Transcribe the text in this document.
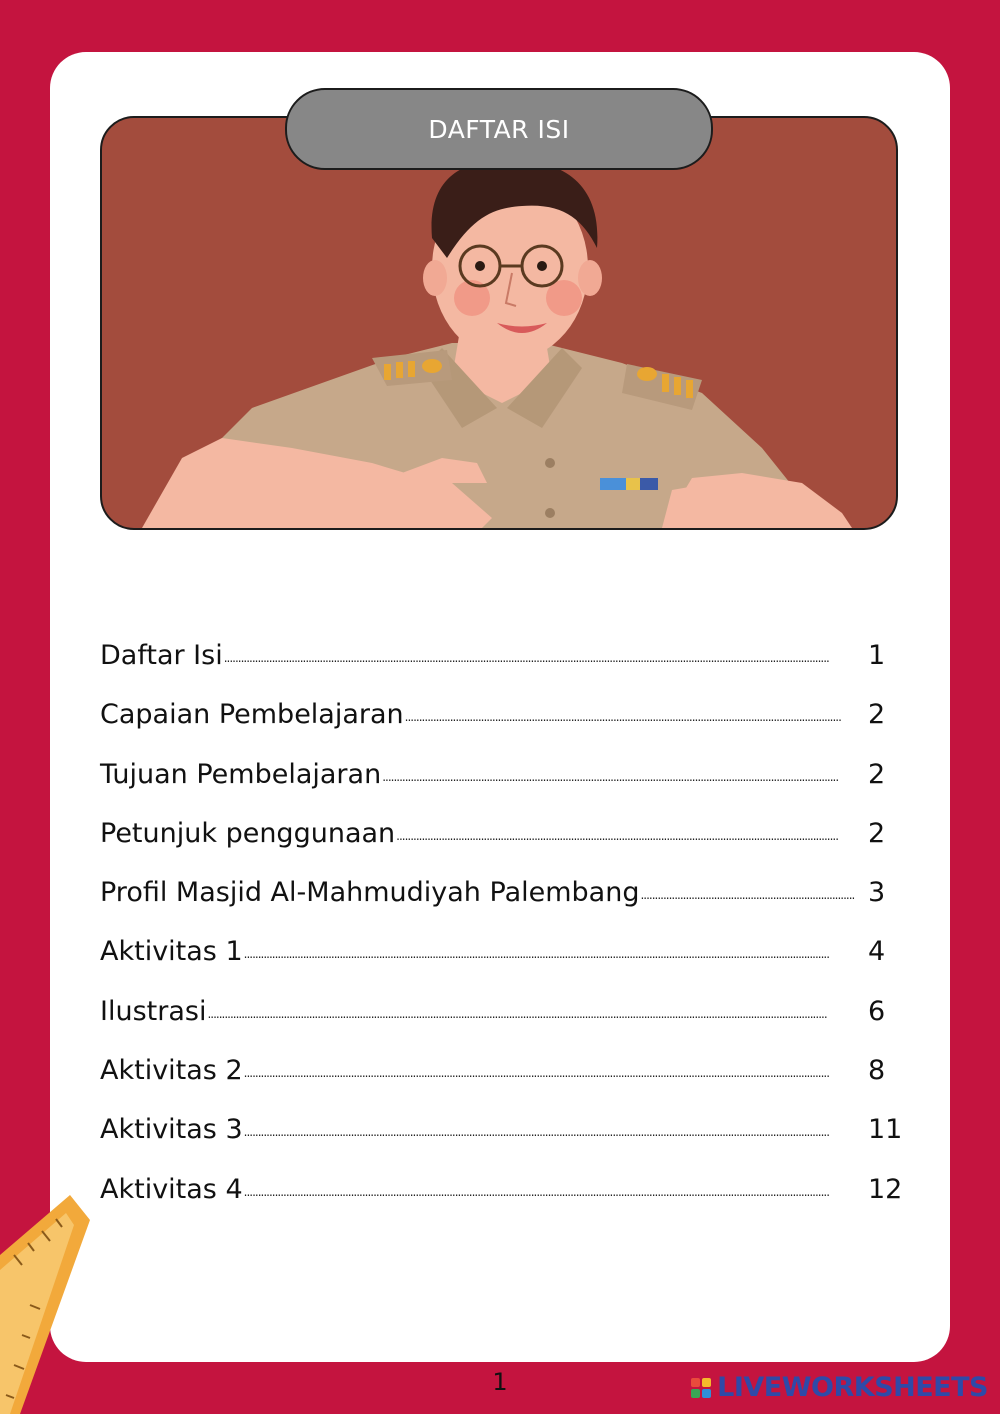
DAFTAR ISI
Daftar Isi .......................................................................................................................................................................................................................	1
Capaian Pembelajaran ...........................................................................................................................................................	2
Tujuan Pembelajaran ..................................................................................................................................................................	2
Petunjuk penggunaan .............................................................................................................................................................	2
Profil Masjid Al-Mahmudiyah Palembang ............................................................................ 3
Aktivitas 1 ................................................................................................................................................................................................................	4
Ilustrasi ............................................................................................................................................................................................................................	6
Aktivitas 2 ................................................................................................................................................................................................................	8
Aktivitas 3 ................................................................................................................................................................................................................	11
Aktivitas 4 ................................................................................................................................................................................................................	12
1	LIVEWORKSHEETS
